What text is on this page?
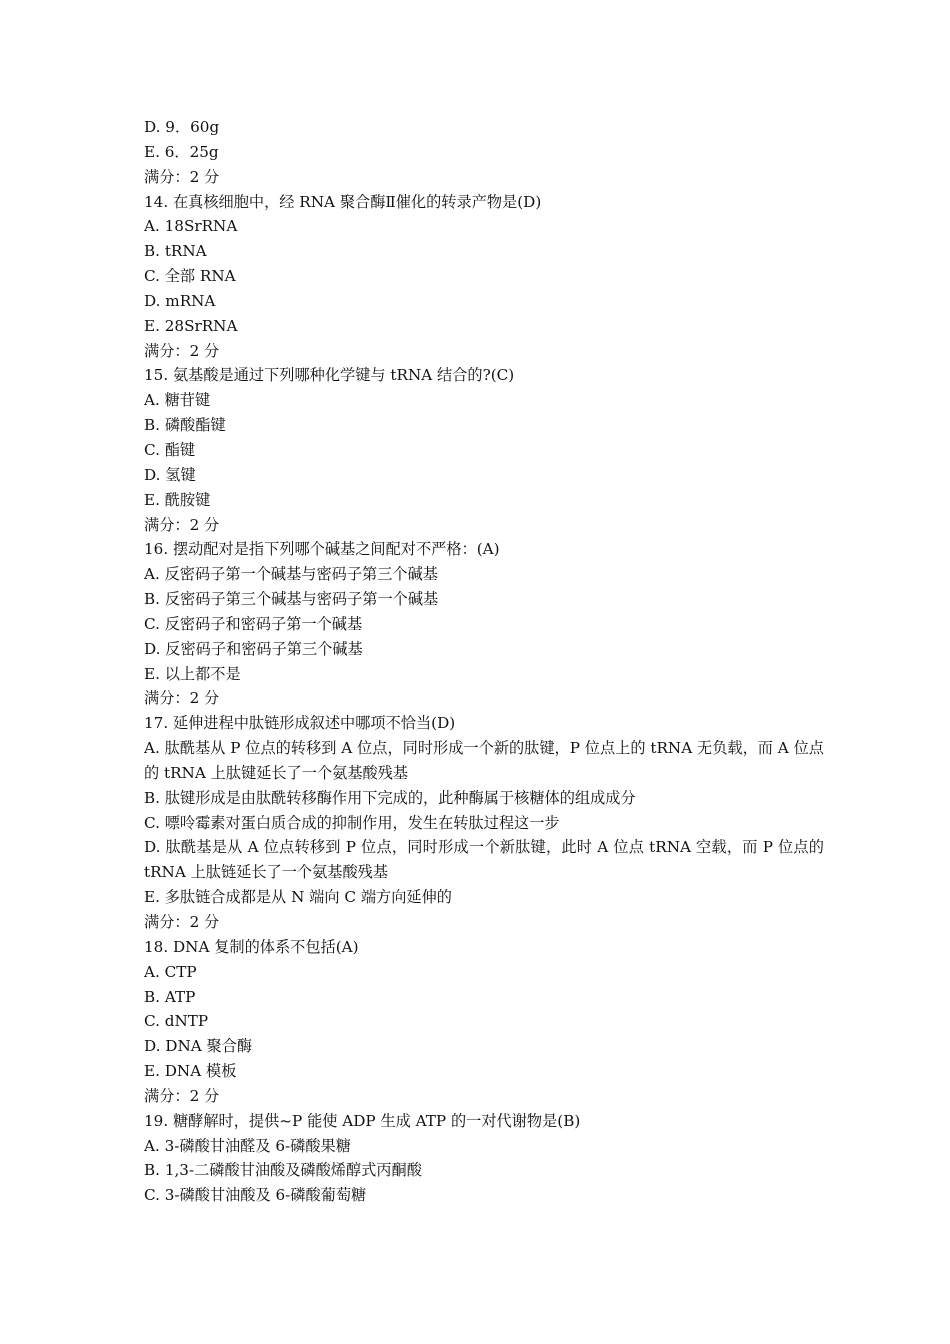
D. 9．60g
E. 6．25g
满分：2 分
14. 在真核细胞中，经 RNA 聚合酶Ⅱ催化的转录产物是(D)
A. 18SrRNA
B. tRNA
C. 全部 RNA
D. mRNA
E. 28SrRNA
满分：2 分
15. 氨基酸是通过下列哪种化学键与 tRNA 结合的?(C)
A. 糖苷键
B. 磷酸酯键
C. 酯键
D. 氢键
E. 酰胺键
满分：2 分
16. 摆动配对是指下列哪个碱基之间配对不严格：(A)
A. 反密码子第一个碱基与密码子第三个碱基
B. 反密码子第三个碱基与密码子第一个碱基
C. 反密码子和密码子第一个碱基
D. 反密码子和密码子第三个碱基
E. 以上都不是
满分：2 分
17. 延伸进程中肽链形成叙述中哪项不恰当(D)
A. 肽酰基从 P 位点的转移到 A 位点，同时形成一个新的肽键，P 位点上的 tRNA 无负载，而 A 位点的 tRNA 上肽键延长了一个氨基酸残基
B. 肽键形成是由肽酰转移酶作用下完成的，此种酶属于核糖体的组成成分
C. 嘌呤霉素对蛋白质合成的抑制作用，发生在转肽过程这一步
D. 肽酰基是从 A 位点转移到 P 位点，同时形成一个新肽键，此时 A 位点 tRNA 空载，而 P 位点的 tRNA 上肽链延长了一个氨基酸残基
E. 多肽链合成都是从 N 端向 C 端方向延伸的
满分：2 分
18. DNA 复制的体系不包括(A)
A. CTP
B. ATP
C. dNTP
D. DNA 聚合酶
E. DNA 模板
满分：2 分
19. 糖酵解时，提供~P 能使 ADP 生成 ATP 的一对代谢物是(B)
A. 3-磷酸甘油醛及 6-磷酸果糖
B. 1,3-二磷酸甘油酸及磷酸烯醇式丙酮酸
C. 3-磷酸甘油酸及 6-磷酸葡萄糖
